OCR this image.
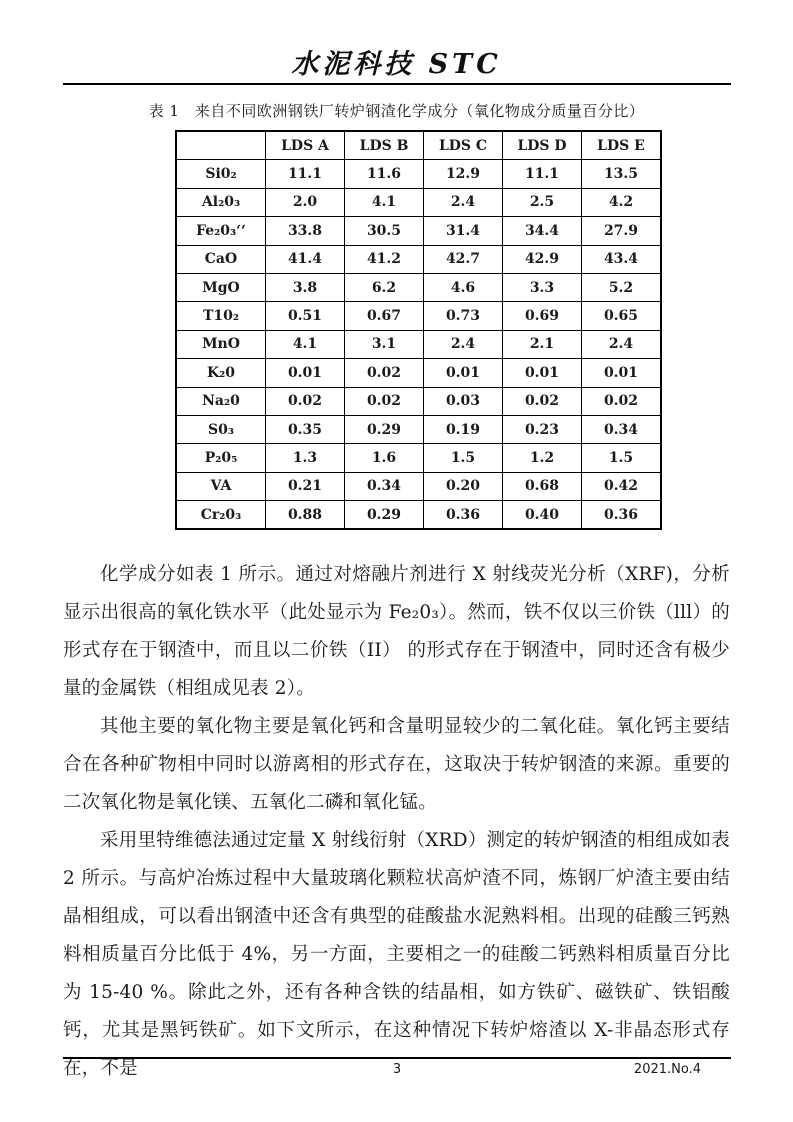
水泥科技 STC
表 1　来自不同欧洲钢铁厂转炉钢渣化学成分（氧化物成分质量百分比）
	LDS A	LDS B	LDS C	LDS D	LDS E
Si0₂	11.1	11.6	12.9	11.1	13.5
Al₂0₃	2.0	4.1	2.4	2.5	4.2
Fe₂0₃‘‘	33.8	30.5	31.4	34.4	27.9
CaO	41.4	41.2	42.7	42.9	43.4
MgO	3.8	6.2	4.6	3.3	5.2
T10₂	0.51	0.67	0.73	0.69	0.65
MnO	4.1	3.1	2.4	2.1	2.4
K₂0	0.01	0.02	0.01	0.01	0.01
Na₂0	0.02	0.02	0.03	0.02	0.02
S0₃	0.35	0.29	0.19	0.23	0.34
P₂0₅	1.3	1.6	1.5	1.2	1.5
VA	0.21	0.34	0.20	0.68	0.42
Cr₂0₃	0.88	0.29	0.36	0.40	0.36

化学成分如表 1 所示。通过对熔融片剂进行 X 射线荧光分析（XRF)，分析显示出很高的氧化铁水平（此处显示为 Fe₂0₃）。然而，铁不仅以三价铁（lll）的形式存在于钢渣中，而且以二价铁（II） 的形式存在于钢渣中，同时还含有极少量的金属铁（相组成见表 2）。

其他主要的氧化物主要是氧化钙和含量明显较少的二氧化硅。氧化钙主要结合在各种矿物相中同时以游离相的形式存在，这取决于转炉钢渣的来源。重要的二次氧化物是氧化镁、五氧化二磷和氧化锰。

采用里特维德法通过定量 X 射线衍射（XRD）测定的转炉钢渣的相组成如表 2 所示。与高炉冶炼过程中大量玻璃化颗粒状高炉渣不同，炼钢厂炉渣主要由结晶相组成，可以看出钢渣中还含有典型的硅酸盐水泥熟料相。出现的硅酸三钙熟料相质量百分比低于 4%，另一方面，主要相之一的硅酸二钙熟料相质量百分比为 15-40 %。除此之外，还有各种含铁的结晶相，如方铁矿、磁铁矿、铁铝酸钙，尤其是黑钙铁矿。如下文所示，在这种情况下转炉熔渣以 X-非晶态形式存在，不是	3	2021.No.4
